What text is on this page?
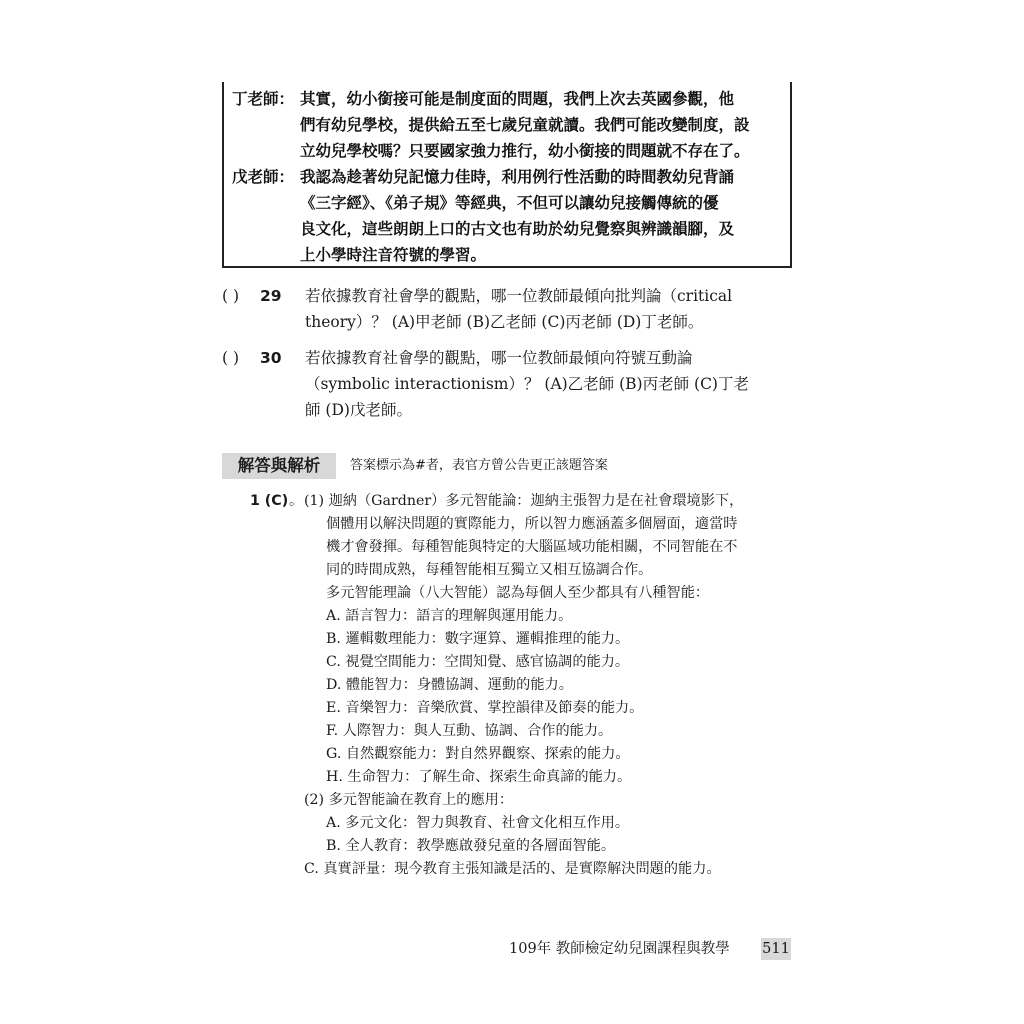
丁老師： 其實，幼小銜接可能是制度面的問題，我們上次去英國參觀，他
們有幼兒學校，提供給五至七歲兒童就讀。我們可能改變制度，設
立幼兒學校嗎？只要國家強力推行，幼小銜接的問題就不存在了。
戊老師： 我認為趁著幼兒記憶力佳時，利用例行性活動的時間教幼兒背誦
《三字經》、《弟子規》等經典，不但可以讓幼兒接觸傳統的優
良文化，這些朗朗上口的古文也有助於幼兒覺察與辨識韻腳，及
上小學時注音符號的學習。
( ) 29 若依據教育社會學的觀點，哪一位教師最傾向批判論（critical
theory）？ (A)甲老師 (B)乙老師 (C)丙老師 (D)丁老師。
( ) 30 若依據教育社會學的觀點，哪一位教師最傾向符號互動論
（symbolic interactionism）？ (A)乙老師 (B)丙老師 (C)丁老
師 (D)戊老師。
解答與解析	答案標示為#者，表官方曾公告更正該題答案
1 (C) 。 (1) 迦納（Gardner）多元智能論：迦納主張智力是在社會環境影下，
個體用以解決問題的實際能力，所以智力應涵蓋多個層面，適當時
機才會發揮。每種智能與特定的大腦區域功能相關，不同智能在不
同的時間成熟，每種智能相互獨立又相互協調合作。
多元智能理論（八大智能）認為每個人至少都具有八種智能：
A. 語言智力：語言的理解與運用能力。
B. 邏輯數理能力：數字運算、邏輯推理的能力。
C. 視覺空間能力：空間知覺、感官協調的能力。
D. 體能智力：身體協調、運動的能力。
E. 音樂智力：音樂欣賞、掌控韻律及節奏的能力。
F. 人際智力：與人互動、協調、合作的能力。
G. 自然觀察能力：對自然界觀察、探索的能力。
H. 生命智力：了解生命、探索生命真諦的能力。
(2) 多元智能論在教育上的應用：
A. 多元文化：智力與教育、社會文化相互作用。
B. 全人教育：教學應啟發兒童的各層面智能。
C. 真實評量：現今教育主張知識是活的、是實際解決問題的能力。
109年 教師檢定幼兒園課程與教學 511
